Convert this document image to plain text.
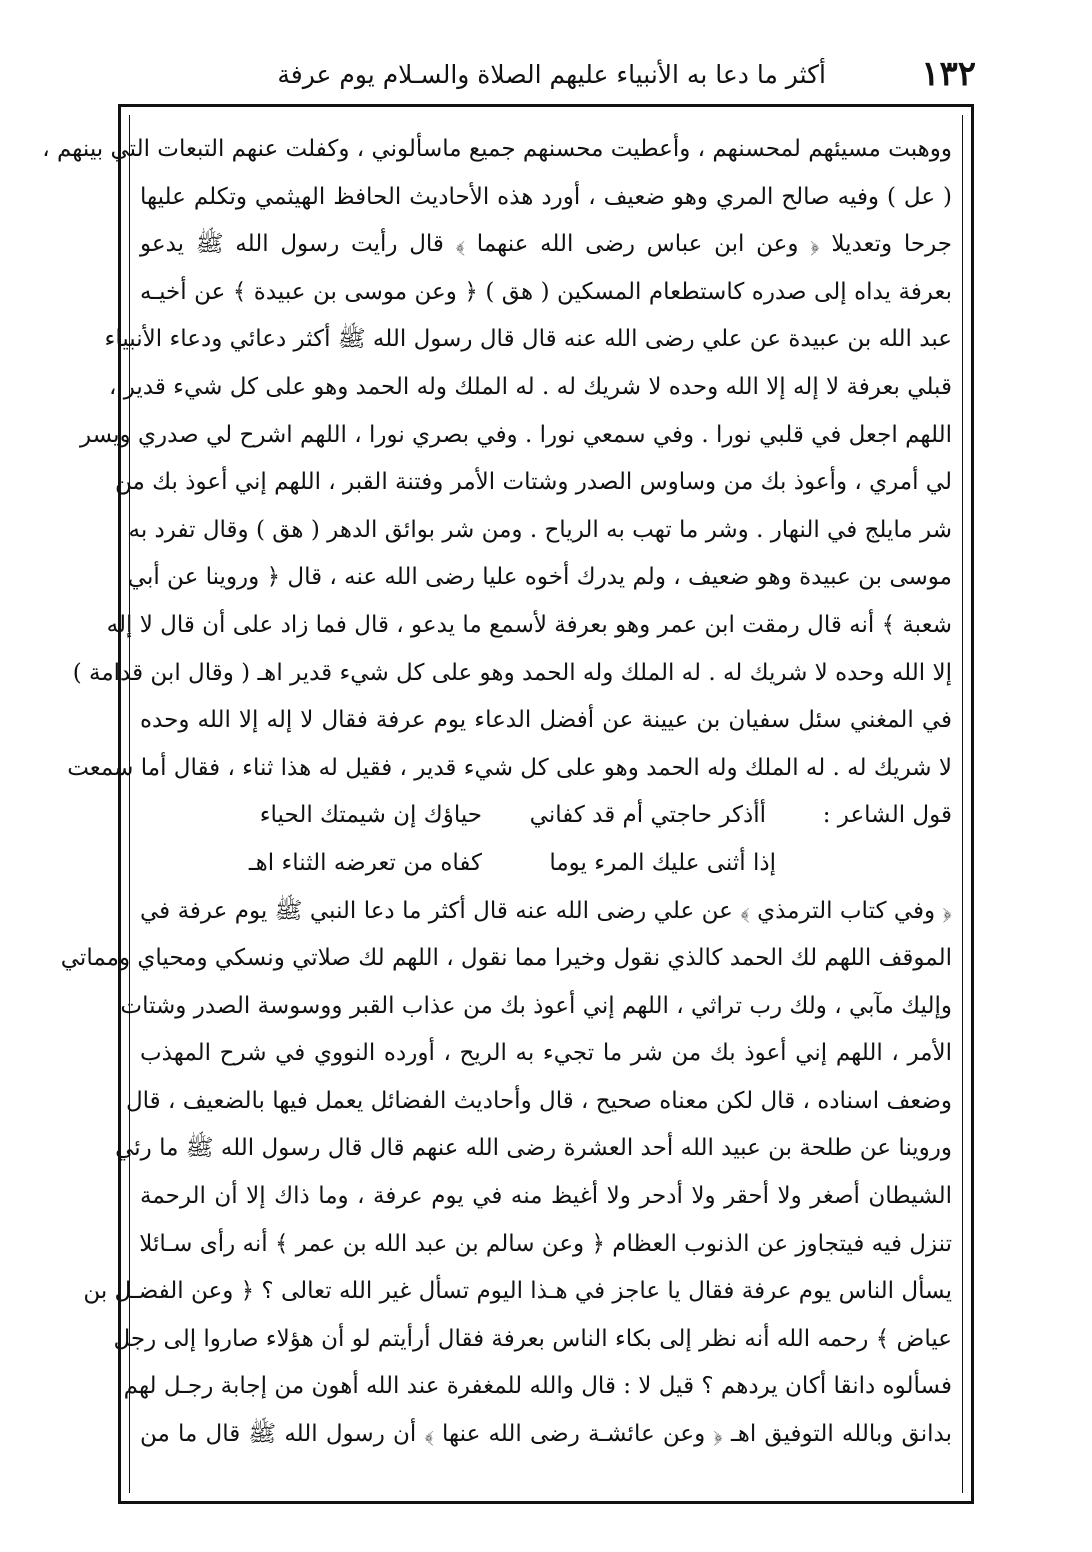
١٣٢
أكثر ما دعا به الأنبياء عليهم الصلاة والسـلام يوم عرفة
ووهبت مسيئهم لمحسنهم ، وأعطيت محسنهم جميع ماسألوني ، وكفلت عنهم التبعات التي بينهم ،
( عل ) وفيه صالح المري وهو ضعيف ، أورد هذه الأحاديث الحافظ الهيثمي وتكلم عليها
جرحا وتعديلا ﴿ وعن ابن عباس رضى الله عنهما ﴾ قال رأيت رسول الله ﷺ يدعو
بعرفة يداه إلى صدره كاستطعام المسكين ( هق ) ﴿ وعن موسى بن عبيدة ﴾ عن أخيـه
عبد الله بن عبيدة عن علي رضى الله عنه قال قال رسول الله ﷺ أكثر دعائي ودعاء الأنبياء
قبلي بعرفة لا إله إلا الله وحده لا شريك له . له الملك وله الحمد وهو على كل شيء قدير ،
اللهم اجعل في قلبي نورا . وفي سمعي نورا . وفي بصري نورا ، اللهم اشرح لي صدري ويسر
لي أمري ، وأعوذ بك من وساوس الصدر وشتات الأمر وفتنة القبر ، اللهم إني أعوذ بك من
شر مايلج في النهار . وشر ما تهب به الرياح . ومن شر بوائق الدهر ( هق ) وقال تفرد به
موسى بن عبيدة وهو ضعيف ، ولم يدرك أخوه عليا رضى الله عنه ، قال ﴿ وروينا عن أبي
شعبة ﴾ أنه قال رمقت ابن عمر وهو بعرفة لأسمع ما يدعو ، قال فما زاد على أن قال لا إله
إلا الله وحده لا شريك له . له الملك وله الحمد وهو على كل شيء قدير اهـ ( وقال ابن قدامة )
في المغني سئل سفيان بن عيينة عن أفضل الدعاء يوم عرفة فقال لا إله إلا الله وحده
لا شريك له . له الملك وله الحمد وهو على كل شيء قدير ، فقيل له هذا ثناء ، فقال أما سمعت
قول الشاعر :
أأذكر حاجتي أم قد كفاني
حياؤك إن شيمتك الحياء
إذا أثنى عليك المرء يوما
كفاه من تعرضه الثناء اهـ
﴿ وفي كتاب الترمذي ﴾ عن علي رضى الله عنه قال أكثر ما دعا النبي ﷺ يوم عرفة في
الموقف اللهم لك الحمد كالذي نقول وخيرا مما نقول ، اللهم لك صلاتي ونسكي ومحياي ومماتي
وإليك مآبي ، ولك رب تراثي ، اللهم إني أعوذ بك من عذاب القبر ووسوسة الصدر وشتات
الأمر ، اللهم إني أعوذ بك من شر ما تجيء به الريح ، أورده النووي في شرح المهذب
وضعف اسناده ، قال لكن معناه صحيح ، قال وأحاديث الفضائل يعمل فيها بالضعيف ، قال
وروينا عن طلحة بن عبيد الله أحد العشرة رضى الله عنهم قال قال رسول الله ﷺ ما رئي
الشيطان أصغر ولا أحقر ولا أدحر ولا أغيظ منه في يوم عرفة ، وما ذاك إلا أن الرحمة
تنزل فيه فيتجاوز عن الذنوب العظام ﴿ وعن سالم بن عبد الله بن عمر ﴾ أنه رأى سـائلا
يسأل الناس يوم عرفة فقال يا عاجز في هـذا اليوم تسأل غير الله تعالى ؟ ﴿ وعن الفضـل بن
عياض ﴾ رحمه الله أنه نظر إلى بكاء الناس بعرفة فقال أرأيتم لو أن هؤلاء صاروا إلى رجل
فسألوه دانقا أكان يردهم ؟ قيل لا : قال والله للمغفرة عند الله أهون من إجابة رجـل لهم
بدانق وبالله التوفيق اهـ ﴿ وعن عائشـة رضى الله عنها ﴾ أن رسول الله ﷺ قال ما من
